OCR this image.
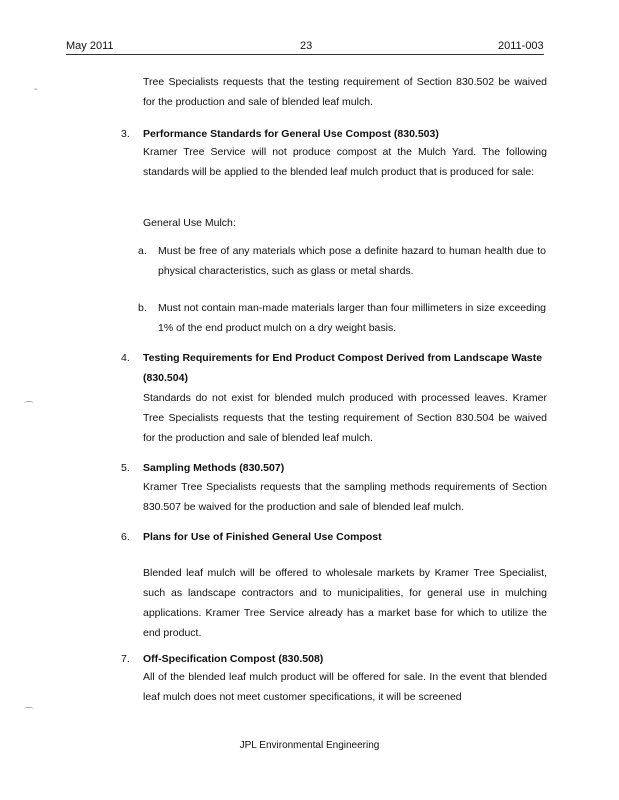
May 2011	23	2011-003
Tree Specialists requests that the testing requirement of Section 830.502 be waived for the production and sale of blended leaf mulch.
3.	Performance Standards for General Use Compost (830.503)
Kramer Tree Service will not produce compost at the Mulch Yard. The following standards will be applied to the blended leaf mulch product that is produced for sale:
General Use Mulch:
a. Must be free of any materials which pose a definite hazard to human health due to physical characteristics, such as glass or metal shards.
b. Must not contain man-made materials larger than four millimeters in size exceeding 1% of the end product mulch on a dry weight basis.
4.	Testing Requirements for End Product Compost Derived from Landscape Waste (830.504)
Standards do not exist for blended mulch produced with processed leaves. Kramer Tree Specialists requests that the testing requirement of Section 830.504 be waived for the production and sale of blended leaf mulch.
5.	Sampling Methods (830.507)
Kramer Tree Specialists requests that the sampling methods requirements of Section 830.507 be waived for the production and sale of blended leaf mulch.
6.	Plans for Use of Finished General Use Compost
Blended leaf mulch will be offered to wholesale markets by Kramer Tree Specialist, such as landscape contractors and to municipalities, for general use in mulching applications. Kramer Tree Service already has a market base for which to utilize the end product.
7.	Off-Specification Compost (830.508)
All of the blended leaf mulch product will be offered for sale. In the event that blended leaf mulch does not meet customer specifications, it will be screened
JPL Environmental Engineering
-
⌒
⌒
